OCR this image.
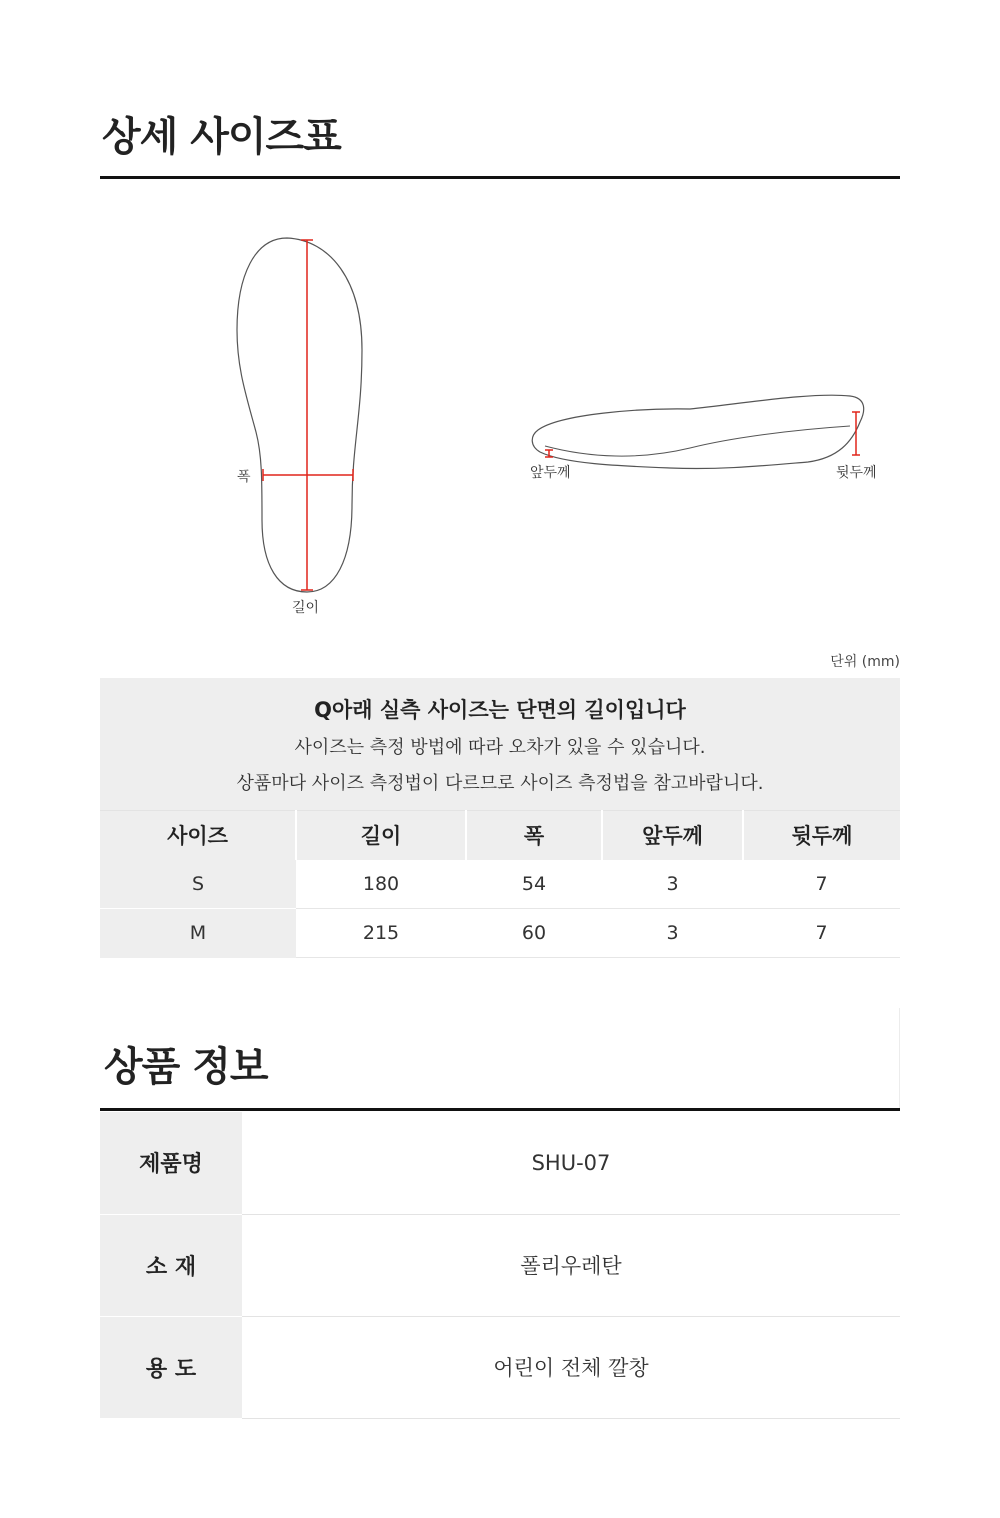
상세 사이즈표
폭
길이
앞두께	뒷두께
단위 (mm)
Q아래 실측 사이즈는 단면의 길이입니다
사이즈는 측정 방법에 따라 오차가 있을 수 있습니다.
상품마다 사이즈 측정법이 다르므로 사이즈 측정법을 참고바랍니다.
사이즈	길이	폭	앞두께	뒷두께
S	180	54	3	7
M	215	60	3	7
상품 정보
제품명	SHU-07
소 재	폴리우레탄
용 도	어린이 전체 깔창
